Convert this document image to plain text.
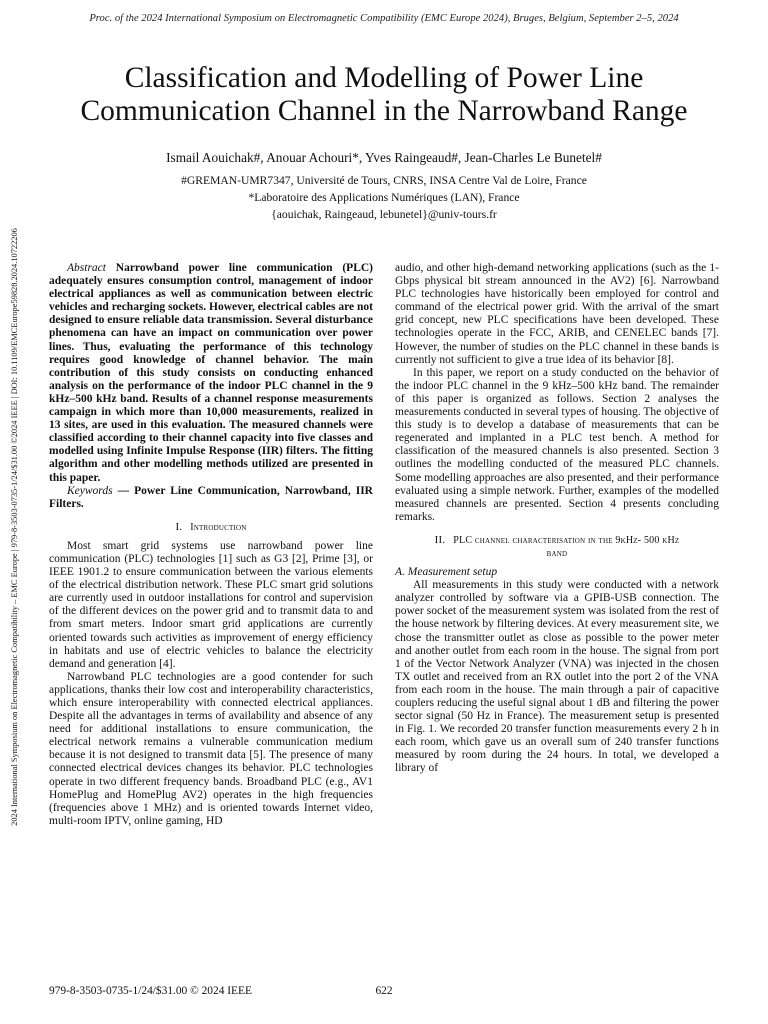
Proc. of the 2024 International Symposium on Electromagnetic Compatibility (EMC Europe 2024), Bruges, Belgium, September 2–5, 2024
2024 International Symposium on Electromagnetic Compatibility – EMC Europe | 979-8-3503-0735-1/24/$31.00 ©2024 IEEE | DOI: 10.1109/EMCEurope59828.2024.10722206
Classification and Modelling of Power Line
Communication Channel in the Narrowband Range
Ismail Aouichak#, Anouar Achouri*, Yves Raingeaud#, Jean-Charles Le Bunetel#
#GREMAN-UMR7347, Université de Tours, CNRS, INSA Centre Val de Loire, France
*Laboratoire des Applications Numériques (LAN), France
{aouichak, Raingeaud, lebunetel}@univ-tours.fr

Abstract Narrowband power line communication (PLC) adequately ensures consumption control, management of indoor electrical appliances as well as communication between electric vehicles and recharging sockets. However, electrical cables are not designed to ensure reliable data transmission. Several disturbance phenomena can have an impact on communication over power lines. Thus, evaluating the performance of this technology requires good knowledge of channel behavior. The main contribution of this study consists on conducting enhanced analysis on the performance of the indoor PLC channel in the 9 kHz–500 kHz band. Results of a channel response measurements campaign in which more than 10,000 measurements, realized in 13 sites, are used in this evaluation. The measured channels were classified according to their channel capacity into five classes and modelled using Infinite Impulse Response (IIR) filters. The fitting algorithm and other modelling methods utilized are presented in this paper.

Keywords — Power Line Communication, Narrowband, IIR Filters.

I. Introduction

Most smart grid systems use narrowband power line communication (PLC) technologies [1] such as G3 [2], Prime [3], or IEEE 1901.2 to ensure communication between the various elements of the electrical distribution network. These PLC smart grid solutions are currently used in outdoor installations for control and supervision of the different devices on the power grid and to transmit data to and from smart meters. Indoor smart grid applications are currently oriented towards such activities as improvement of energy efficiency in habitats and use of electric vehicles to balance the electricity demand and generation [4].

Narrowband PLC technologies are a good contender for such applications, thanks their low cost and interoperability characteristics, which ensure interoperability with connected electrical appliances. Despite all the advantages in terms of availability and absence of any need for additional installations to ensure communication, the electrical network remains a vulnerable communication medium because it is not designed to transmit data [5]. The presence of many connected electrical devices changes its behavior. PLC technologies operate in two different frequency bands. Broadband PLC (e.g., AV1 HomePlug and HomePlug AV2) operates in the high frequencies (frequencies above 1 MHz) and is oriented towards Internet video, multi-room IPTV, online gaming, HD

audio, and other high-demand networking applications (such as the 1-Gbps physical bit stream announced in the AV2) [6]. Narrowband PLC technologies have historically been employed for control and command of the electrical power grid. With the arrival of the smart grid concept, new PLC specifications have been developed. These technologies operate in the FCC, ARIB, and CENELEC bands [7]. However, the number of studies on the PLC channel in these bands is currently not sufficient to give a true idea of its behavior [8].

In this paper, we report on a study conducted on the behavior of the indoor PLC channel in the 9 kHz–500 kHz band. The remainder of this paper is organized as follows. Section 2 analyses the measurements conducted in several types of housing. The objective of this study is to develop a database of measurements that can be regenerated and implanted in a PLC test bench. A method for classification of the measured channels is also presented. Section 3 outlines the modelling conducted of the measured PLC channels. Some modelling approaches are also presented, and their performance evaluated using a simple network. Further, examples of the modelled measured channels are presented. Section 4 presents concluding remarks.

II. PLC channel characterisation in the 9kHz- 500 kHz
band

A. Measurement setup

All measurements in this study were conducted with a network analyzer controlled by software via a GPIB-USB connection. The power socket of the measurement system was isolated from the rest of the house network by filtering devices. At every measurement site, we chose the transmitter outlet as close as possible to the power meter and another outlet from each room in the house. The signal from port 1 of the Vector Network Analyzer (VNA) was injected in the chosen TX outlet and received from an RX outlet into the port 2 of the VNA from each room in the house. The main through a pair of capacitive couplers reducing the useful signal about 1 dB and filtering the power sector signal (50 Hz in France). The measurement setup is presented in Fig. 1. We recorded 20 transfer function measurements every 2 h in each room, which gave us an overall sum of 240 transfer functions measured by room during the 24 hours. In total, we developed a library of

979-8-3503-0735-1/24/$31.00 © 2024 IEEE	622
